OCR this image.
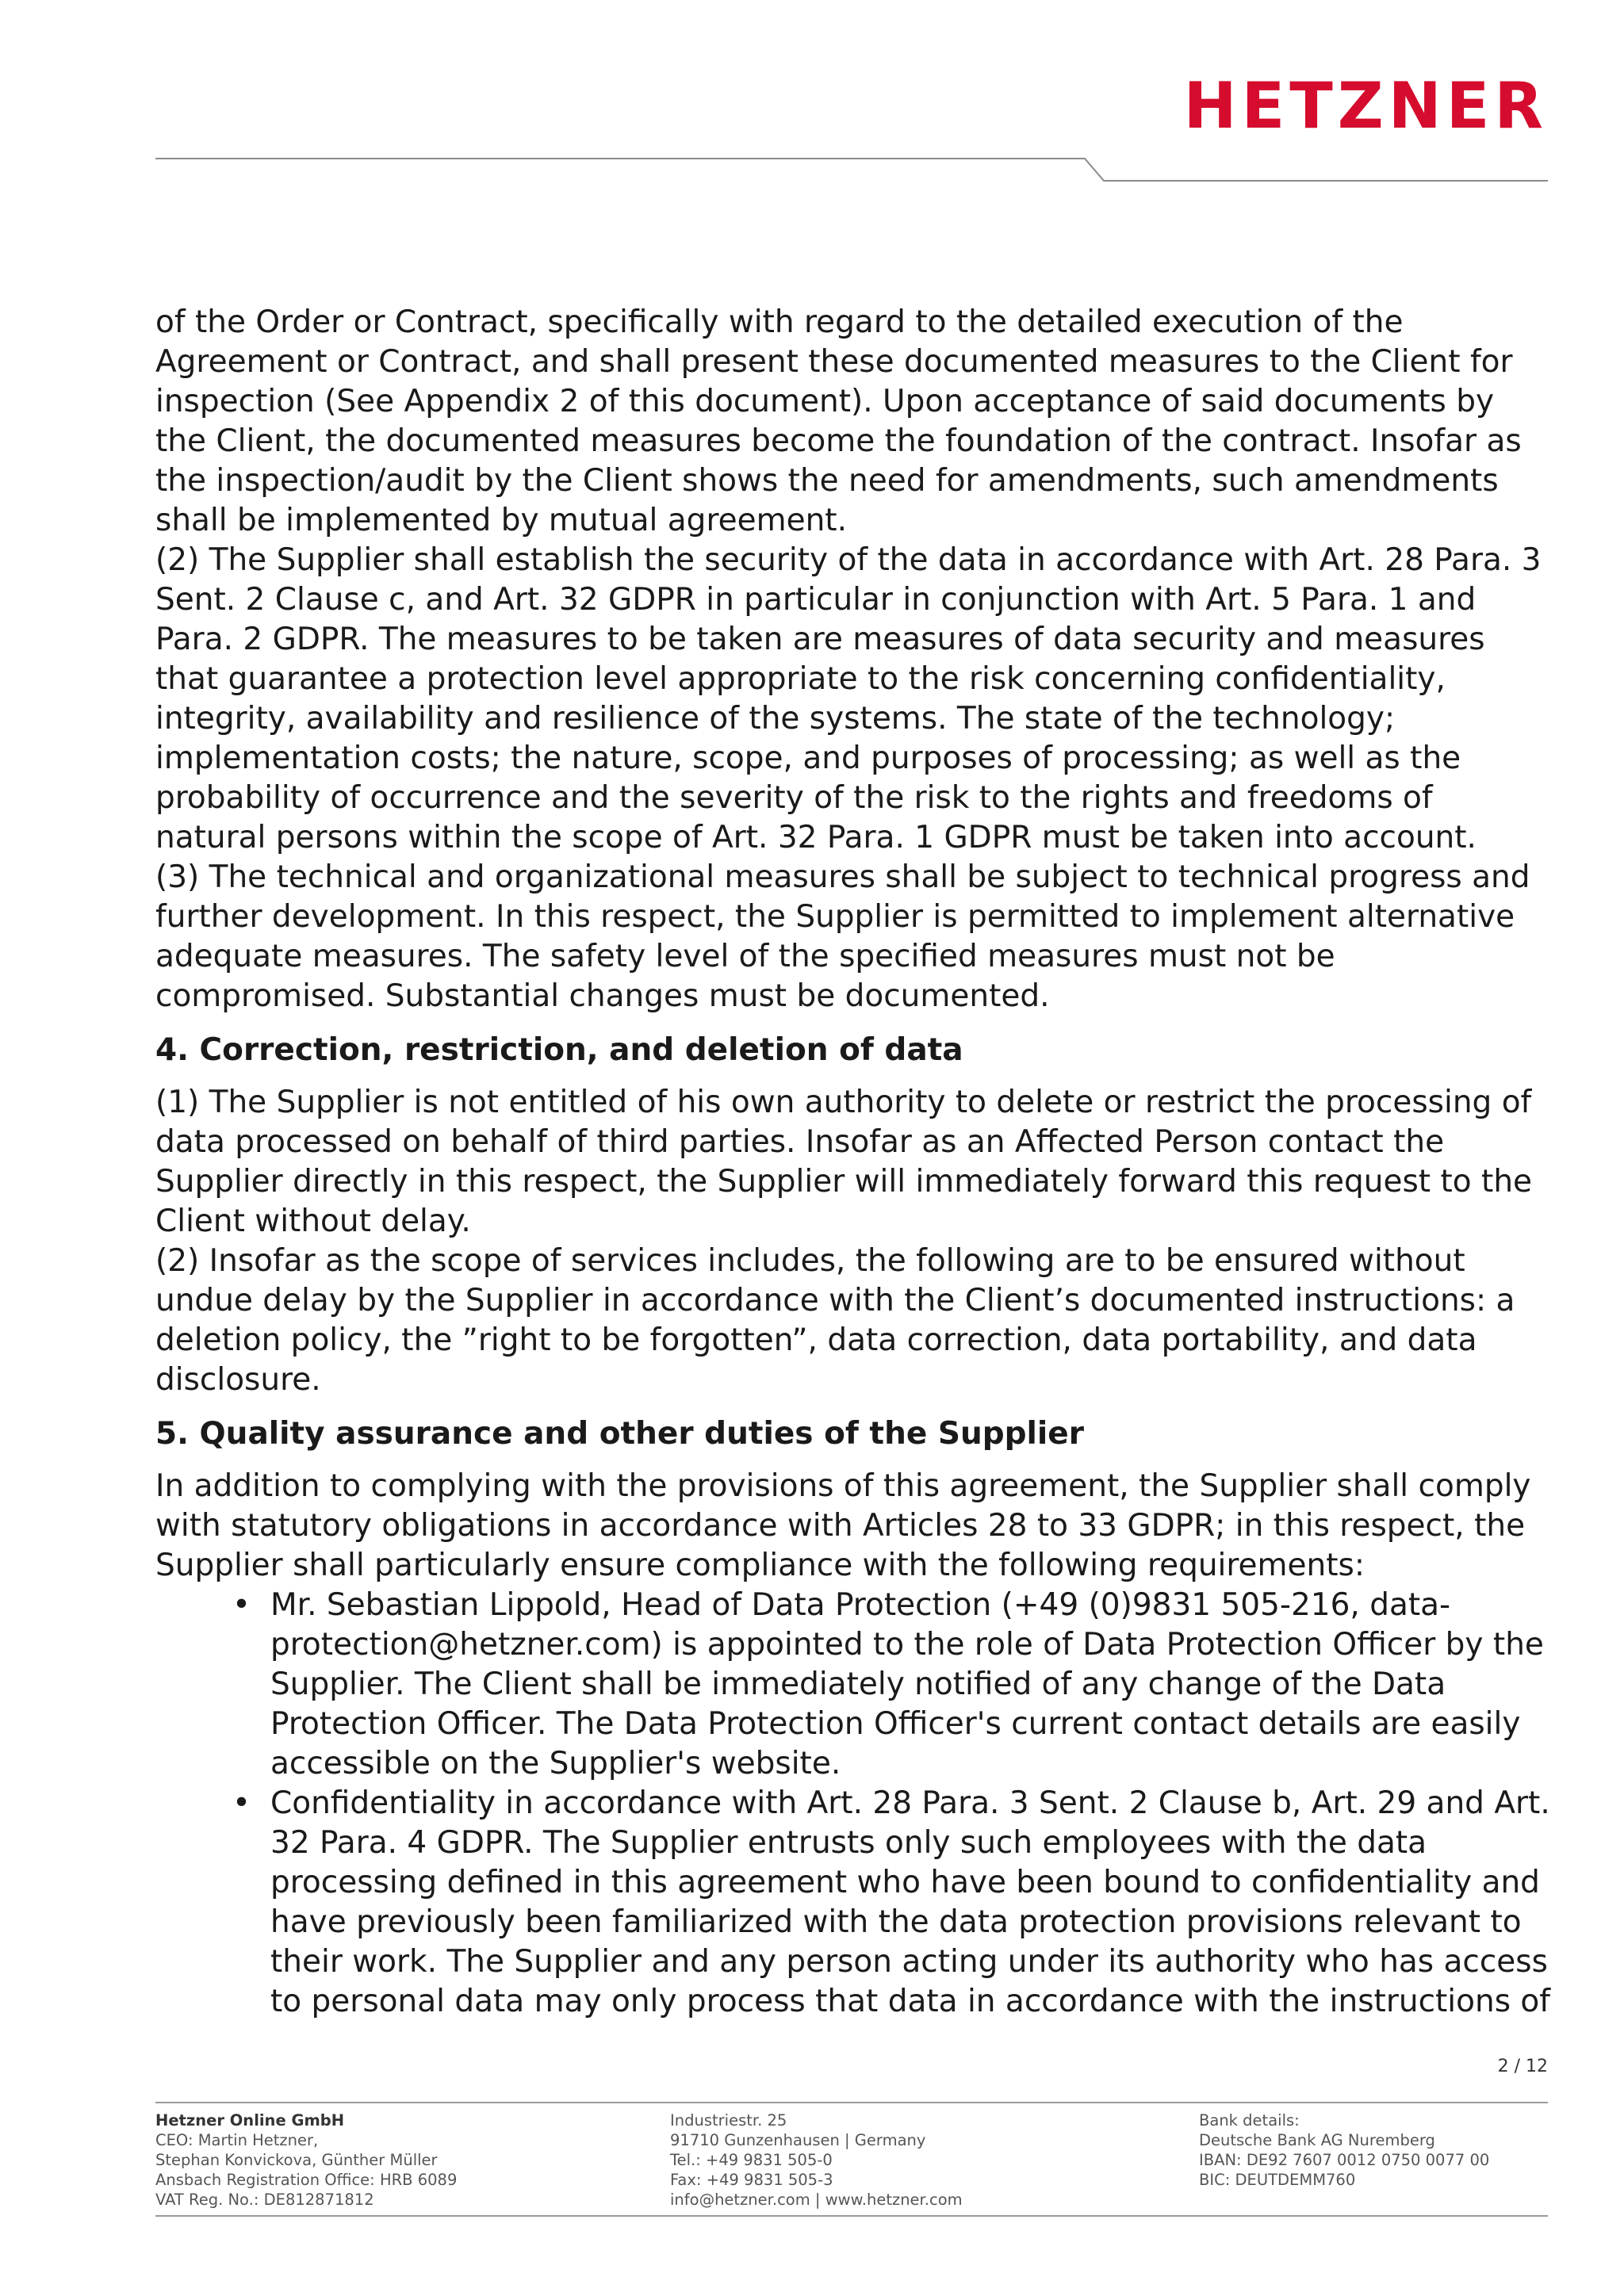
HETZNER

of the Order or Contract, specifically with regard to the detailed execution of the Agreement or Contract, and shall present these documented measures to the Client for inspection (See Appendix 2 of this document). Upon acceptance of said documents by the Client, the documented measures become the foundation of the contract. Insofar as the inspection/audit by the Client shows the need for amendments, such amendments shall be implemented by mutual agreement.

(2) The Supplier shall establish the security of the data in accordance with Art. 28 Para. 3 Sent. 2 Clause c, and Art. 32 GDPR in particular in conjunction with Art. 5 Para. 1 and Para. 2 GDPR. The measures to be taken are measures of data security and measures that guarantee a protection level appropriate to the risk concerning confidentiality, integrity, availability and resilience of the systems. The state of the technology; implementation costs; the nature, scope, and purposes of processing; as well as the probability of occurrence and the severity of the risk to the rights and freedoms of natural persons within the scope of Art. 32 Para. 1 GDPR must be taken into account.

(3) The technical and organizational measures shall be subject to technical progress and further development. In this respect, the Supplier is permitted to implement alternative adequate measures. The safety level of the specified measures must not be compromised. Substantial changes must be documented.

4. Correction, restriction, and deletion of data

(1) The Supplier is not entitled of his own authority to delete or restrict the processing of data processed on behalf of third parties. Insofar as an Affected Person contact the Supplier directly in this respect, the Supplier will immediately forward this request to the Client without delay.

(2) Insofar as the scope of services includes, the following are to be ensured without undue delay by the Supplier in accordance with the Client’s documented instructions: a deletion policy, the ”right to be forgotten”, data correction, data portability, and data disclosure.

5. Quality assurance and other duties of the Supplier

In addition to complying with the provisions of this agreement, the Supplier shall comply with statutory obligations in accordance with Articles 28 to 33 GDPR; in this respect, the Supplier shall particularly ensure compliance with the following requirements:

• Mr. Sebastian Lippold, Head of Data Protection (+49 (0)9831 505-216, data-protection@hetzner.com) is appointed to the role of Data Protection Officer by the Supplier. The Client shall be immediately notified of any change of the Data Protection Officer. The Data Protection Officer's current contact details are easily accessible on the Supplier's website.
• Confidentiality in accordance with Art. 28 Para. 3 Sent. 2 Clause b, Art. 29 and Art. 32 Para. 4 GDPR. The Supplier entrusts only such employees with the data processing defined in this agreement who have been bound to confidentiality and have previously been familiarized with the data protection provisions relevant to their work. The Supplier and any person acting under its authority who has access to personal data may only process that data in accordance with the instructions of
2 / 12
Hetzner Online GmbH
CEO: Martin Hetzner,
Stephan Konvickova, Günther Müller
Ansbach Registration Office: HRB 6089
VAT Reg. No.: DE812871812
Industriestr. 25
91710 Gunzenhausen | Germany
Tel.: +49 9831 505-0
Fax: +49 9831 505-3
info@hetzner.com | www.hetzner.com
Bank details:
Deutsche Bank AG Nuremberg
IBAN: DE92 7607 0012 0750 0077 00
BIC: DEUTDEMM760
